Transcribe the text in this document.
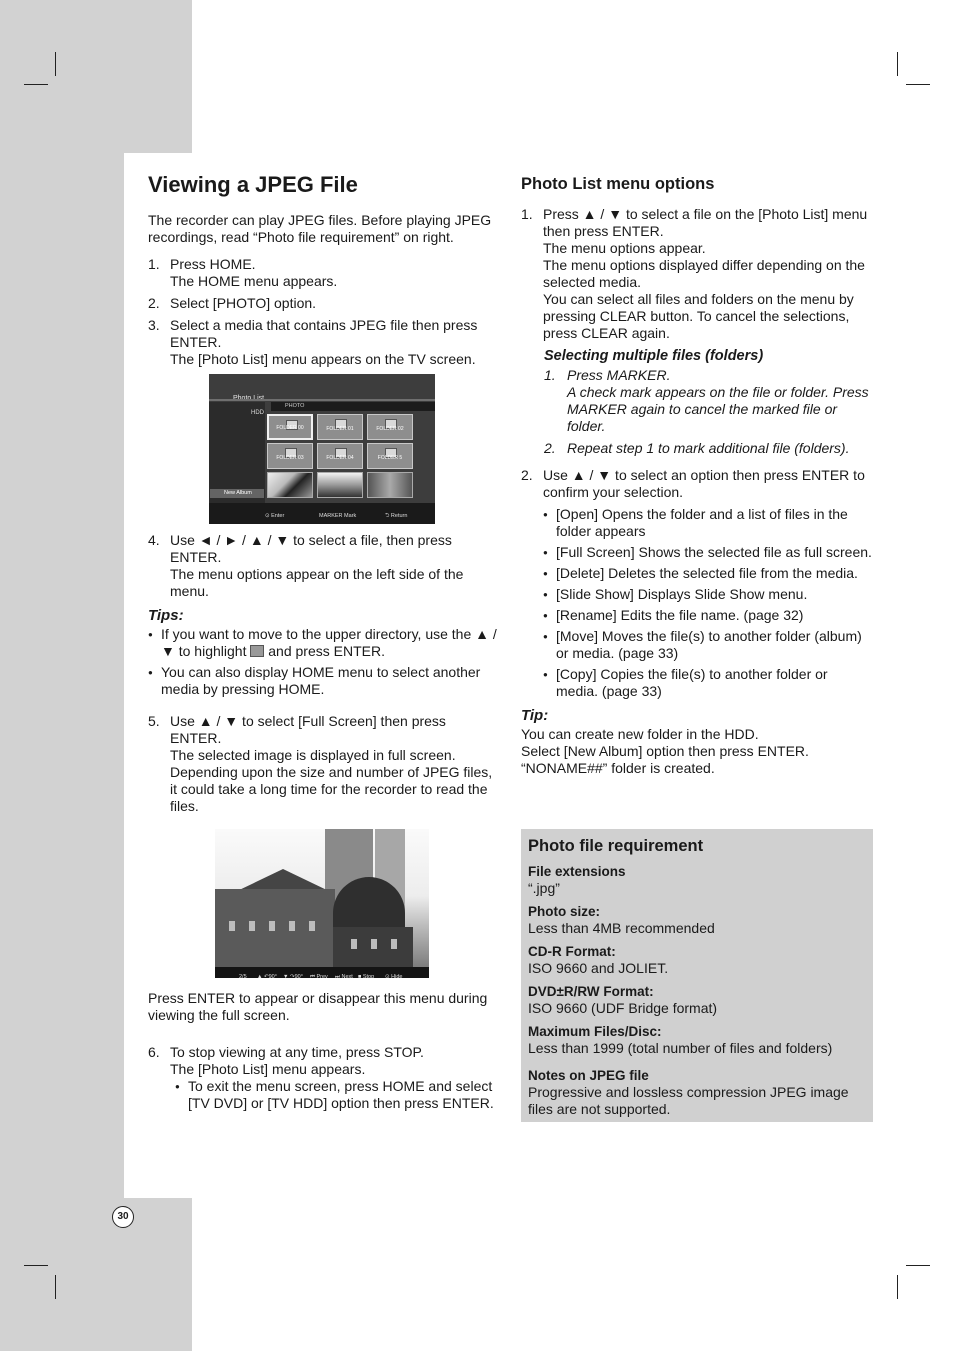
30
Viewing a JPEG File

The recorder can play JPEG files. Before playing JPEG recordings, read “Photo file requirement” on right.

1. Press HOME.

The HOME menu appears.

2. Select [PHOTO] option.

3. Select a media that contains JPEG file then press ENTER.

The [Photo List] menu appears on the TV screen.

HDD
New Album
PHOTO
FOLDER 00	FOLDER 01	FOLDER 02
FOLDER 03	FOLDER 04	FOLDER 5
⊙ Enter	MARKER Mark	⮌ Return
4. Use ◄ / ► / ▲ / ▼ to select a file, then press ENTER.

The menu options appear on the left side of the menu.

Tips:
● If you want to move to the upper directory, use the ▲ / ▼ to highlight and press ENTER.
● You can also display HOME menu to select another media by pressing HOME.
5. Use ▲ / ▼ to select [Full Screen] then press ENTER.

The selected image is displayed in full screen. Depending upon the size and number of JPEG files, it could take a long time for the recorder to read the files.

2/5 ▲ ↶90° ▼ ↷90° ⏮ Prev ⏭ Next ■ Stop ⊙ Hide

Press ENTER to appear or disappear this menu during viewing the full screen.

6. To stop viewing at any time, press STOP.

The [Photo List] menu appears.

● To exit the menu screen, press HOME and select [TV DVD] or [TV HDD] option then press ENTER.
Photo List menu options
1. Press ▲ / ▼ to select a file on the [Photo List] menu then press ENTER.

The menu options appear.

The menu options displayed differ depending on the selected media.

You can select all files and folders on the menu by pressing CLEAR button. To cancel the selections, press CLEAR again.

Selecting multiple files (folders)
1. Press MARKER.

A check mark appears on the file or folder. Press MARKER again to cancel the marked file or folder.

2. Repeat step 1 to mark additional file (folders).

2. Use ▲ / ▼ to select an option then press ENTER to confirm your selection.

● [Open] Opens the folder and a list of files in the folder appears
● [Full Screen] Shows the selected file as full screen.
● [Delete] Deletes the selected file from the media.
● [Slide Show] Displays Slide Show menu.
● [Rename] Edits the file name. (page 32)
● [Move] Moves the file(s) to another folder (album) or media. (page 33)
● [Copy] Copies the file(s) to another folder or media. (page 33)
Tip:

You can create new folder in the HDD.

Select [New Album] option then press ENTER.

“NONAME##” folder is created.

Photo file requirement
File extensions
“.jpg”
Photo size:
Less than 4MB recommended
CD-R Format:
ISO 9660 and JOLIET.
DVD±R/RW Format:
ISO 9660 (UDF Bridge format)
Maximum Files/Disc:
Less than 1999 (total number of files and folders)
Notes on JPEG file
Progressive and lossless compression JPEG image files are not supported.
